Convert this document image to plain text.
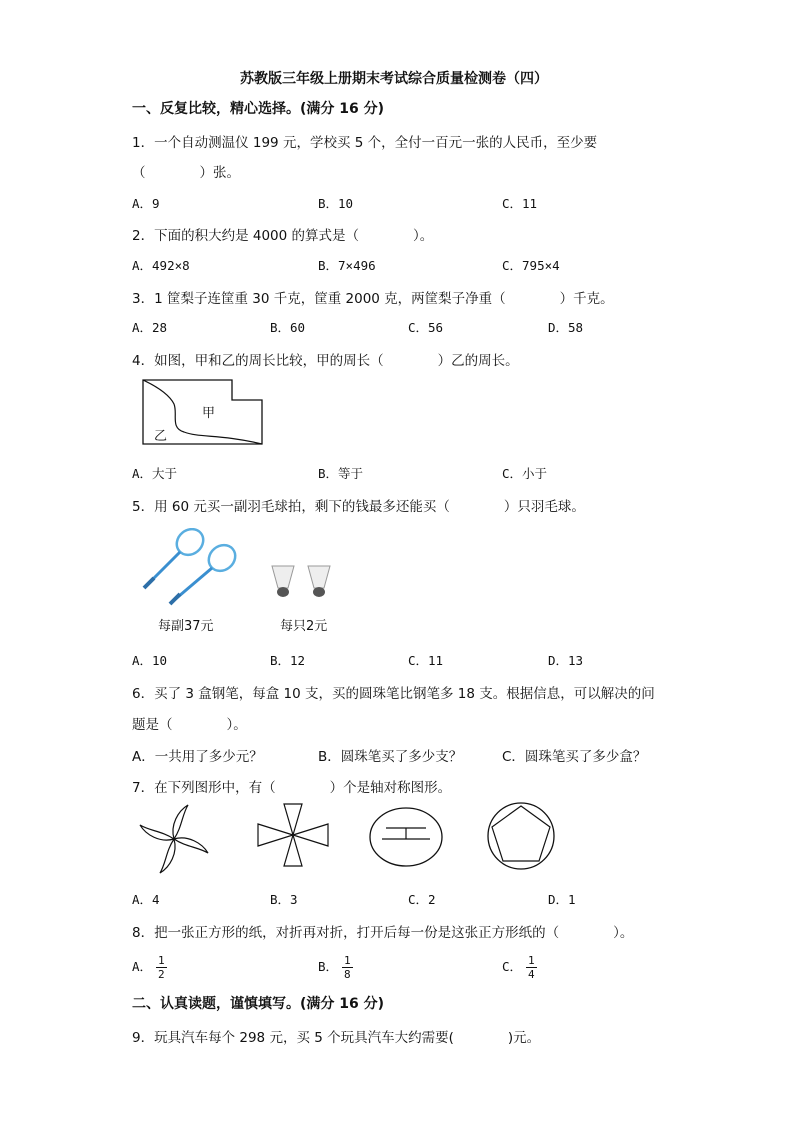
苏教版三年级上册期末考试综合质量检测卷（四）
一、反复比较，精心选择。(满分 16 分)
1．一个自动测温仪 199 元，学校买 5 个，全付一百元一张的人民币，至少要
（　　　　）张。
A．9	B．10	C．11
2．下面的积大约是 4000 的算式是（　　　　）。
A．492×8	B．7×496	C．795×4
3．1 筐梨子连筐重 30 千克，筐重 2000 克，两筐梨子净重（　　　　）千克。
A．28	B．60	C．56	D．58
4．如图，甲和乙的周长比较，甲的周长（　　　　）乙的周长。
甲
乙
A．大于	B．等于	C．小于
5．用 60 元买一副羽毛球拍，剩下的钱最多还能买（　　　　）只羽毛球。
每副37元	每只2元
A．10	B．12	C．11	D．13
6．买了 3 盒钢笔，每盒 10 支，买的圆珠笔比钢笔多 18 支。根据信息，可以解决的问
题是（　　　　）。
A．一共用了多少元？	B．圆珠笔买了多少支？	C．圆珠笔买了多少盒？
7．在下列图形中，有（　　　　）个是轴对称图形。
A．4	B．3	C．2	D．1
8．把一张正方形的纸，对折再对折，打开后每一份是这张正方形纸的（　　　　）。
A． $\frac{1}{2}$	B． $\frac{1}{8}$	C． $\frac{1}{4}$
二、认真读题，谨慎填写。(满分 16 分)
9．玩具汽车每个 298 元，买 5 个玩具汽车大约需要(　　　　)元。
